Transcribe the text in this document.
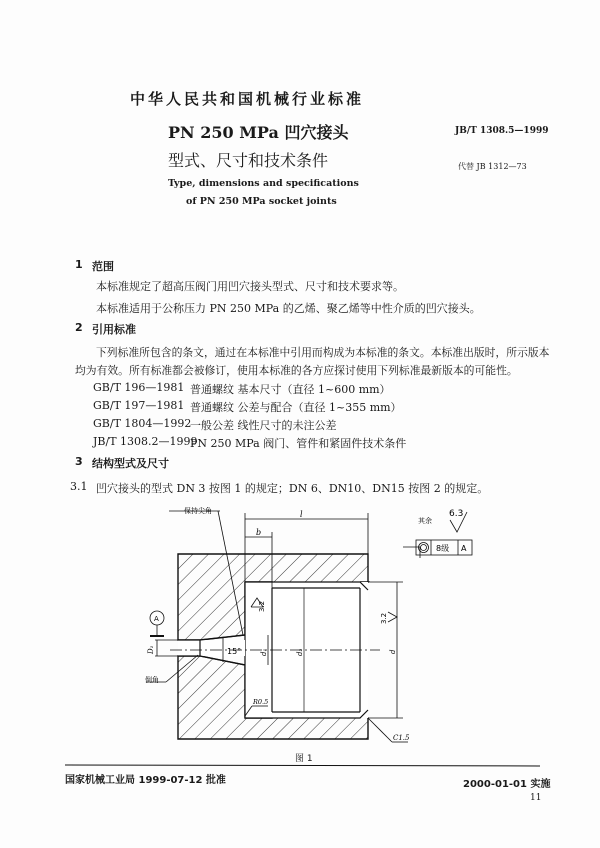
中华人民共和国机械行业标准
PN 250 MPa 凹穴接头
型式、尺寸和技术条件
Type, dimensions and specifications
of PN 250 MPa socket joints
JB/T 1308.5—1999
代替 JB 1312—73
1 范围
本标准规定了超高压阀门用凹穴接头型式、尺寸和技术要求等。
本标准适用于公称压力 PN 250 MPa 的乙烯、聚乙烯等中性介质的凹穴接头。
2 引用标准
下列标准所包含的条文，通过在本标准中引用而构成为本标准的条文。本标准出版时，所示版本
均为有效。所有标准都会被修订，使用本标准的各方应探讨使用下列标准最新版本的可能性。
GB/T 196—1981 普通螺纹 基本尺寸（直径 1~600 mm）
GB/T 197—1981 普通螺纹 公差与配合（直径 1~355 mm）
GB/T 1804—1992
一般公差 线性尺寸的未注公差
JB/T 1308.2—1999
PN 250 MPa 阀门、管件和紧固件技术条件
3 结构型式及尺寸
3.1 凹穴接头的型式 DN 3 按图 1 的规定；DN 6、DN10、DN15 按图 2 的规定。
l
b
保持尖角
倒角
其余
6.3
8级 A
A
3.2
3.2
D₁	d₁	d₂	d
15°
R0.5
C1.5
图 1
国家机械工业局 1999-07-12 批准	2000-01-01 实施
11
